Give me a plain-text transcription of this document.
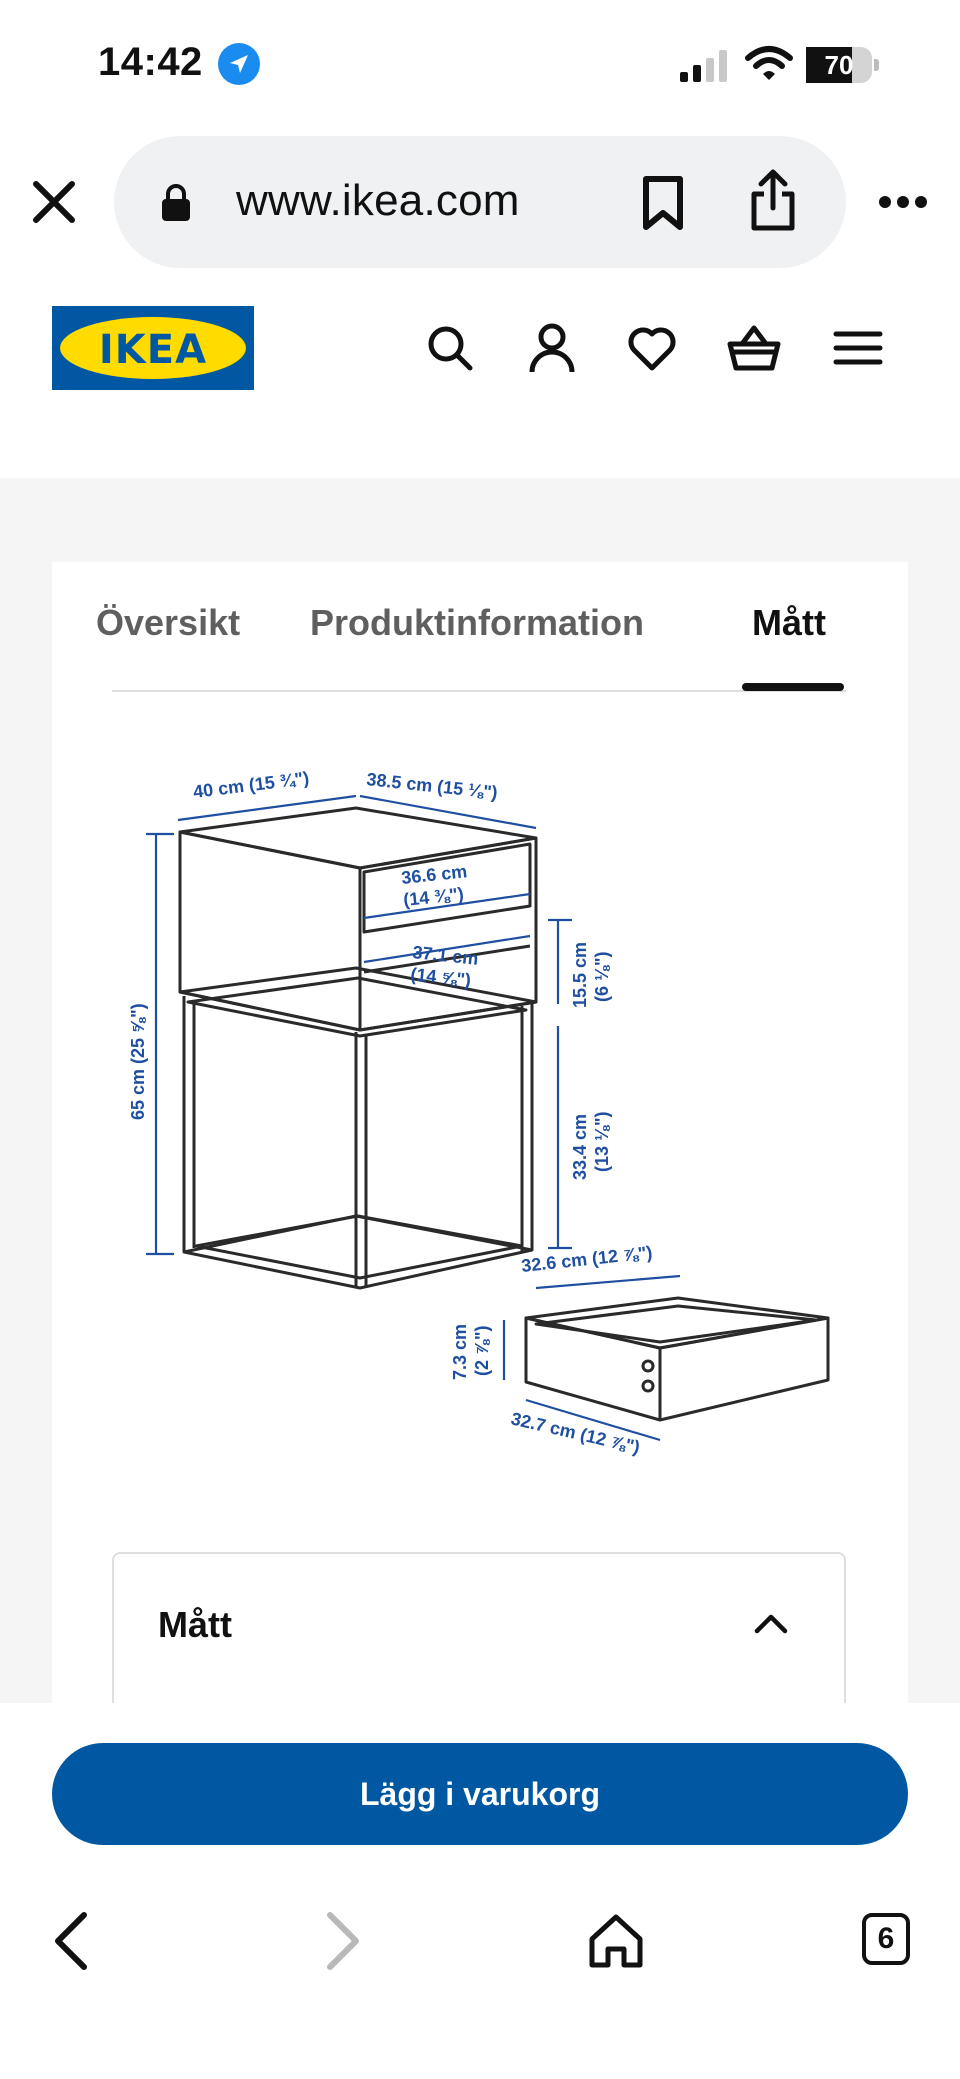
14:42	70
www.ikea.com
IKEA
Översikt Produktinformation	Mått
40 cm (15 ¾")	38.5 cm (15 ⅛")
36.6 cm
(14 ⅜")
37.1 cm
(14 ⅝")
65 cm (25 ⅝")
15.5 cm (6 ⅛")
33.4 cm (13 ⅛")
32.6 cm (12 ⅞")
7.3 cm (2 ⅞")
32.7 cm (12 ⅞")
Mått
Lägg i varukorg
6
